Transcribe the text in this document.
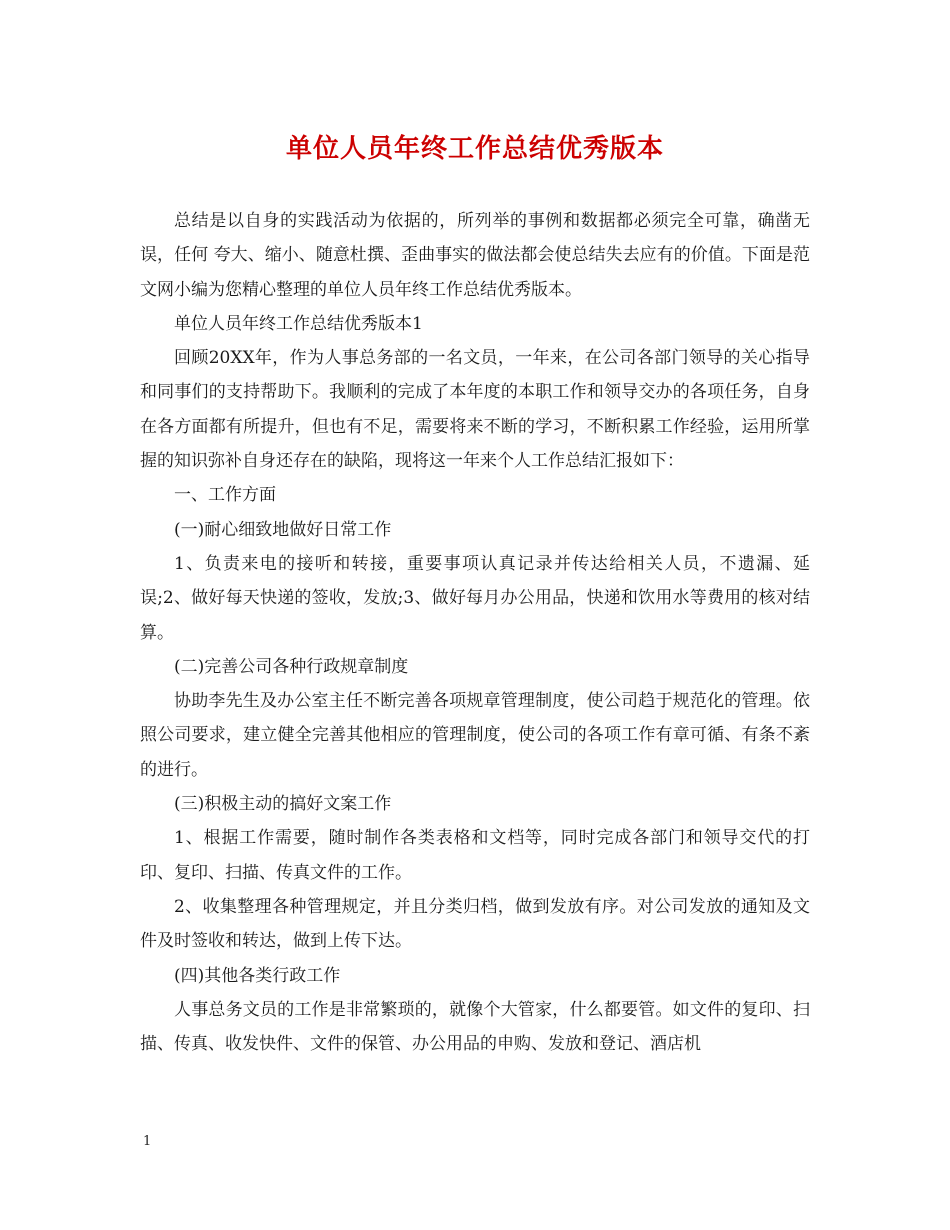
单位人员年终工作总结优秀版本

总结是以自身的实践活动为依据的，所列举的事例和数据都必须完全可靠，确凿无误，任何 夸大、缩小、随意杜撰、歪曲事实的做法都会使总结失去应有的价值。下面是范文网小编为您精心整理的单位人员年终工作总结优秀版本。

单位人员年终工作总结优秀版本1

回顾20XX年，作为人事总务部的一名文员，一年来，在公司各部门领导的关心指导和同事们的支持帮助下。我顺利的完成了本年度的本职工作和领导交办的各项任务，自身在各方面都有所提升，但也有不足，需要将来不断的学习，不断积累工作经验，运用所掌握的知识弥补自身还存在的缺陷，现将这一年来个人工作总结汇报如下：

一、工作方面

(一)耐心细致地做好日常工作

1、负责来电的接听和转接，重要事项认真记录并传达给相关人员，不遗漏、延误;2、做好每天快递的签收，发放;3、做好每月办公用品，快递和饮用水等费用的核对结算。

(二)完善公司各种行政规章制度

协助李先生及办公室主任不断完善各项规章管理制度，使公司趋于规范化的管理。依照公司要求，建立健全完善其他相应的管理制度，使公司的各项工作有章可循、有条不紊的进行。

(三)积极主动的搞好文案工作

1、根据工作需要，随时制作各类表格和文档等，同时完成各部门和领导交代的打印、复印、扫描、传真文件的工作。

2、收集整理各种管理规定，并且分类归档，做到发放有序。对公司发放的通知及文件及时签收和转达，做到上传下达。

(四)其他各类行政工作

人事总务文员的工作是非常繁琐的，就像个大管家，什么都要管。如文件的复印、扫描、传真、收发快件、文件的保管、办公用品的申购、发放和登记、酒店机

1
